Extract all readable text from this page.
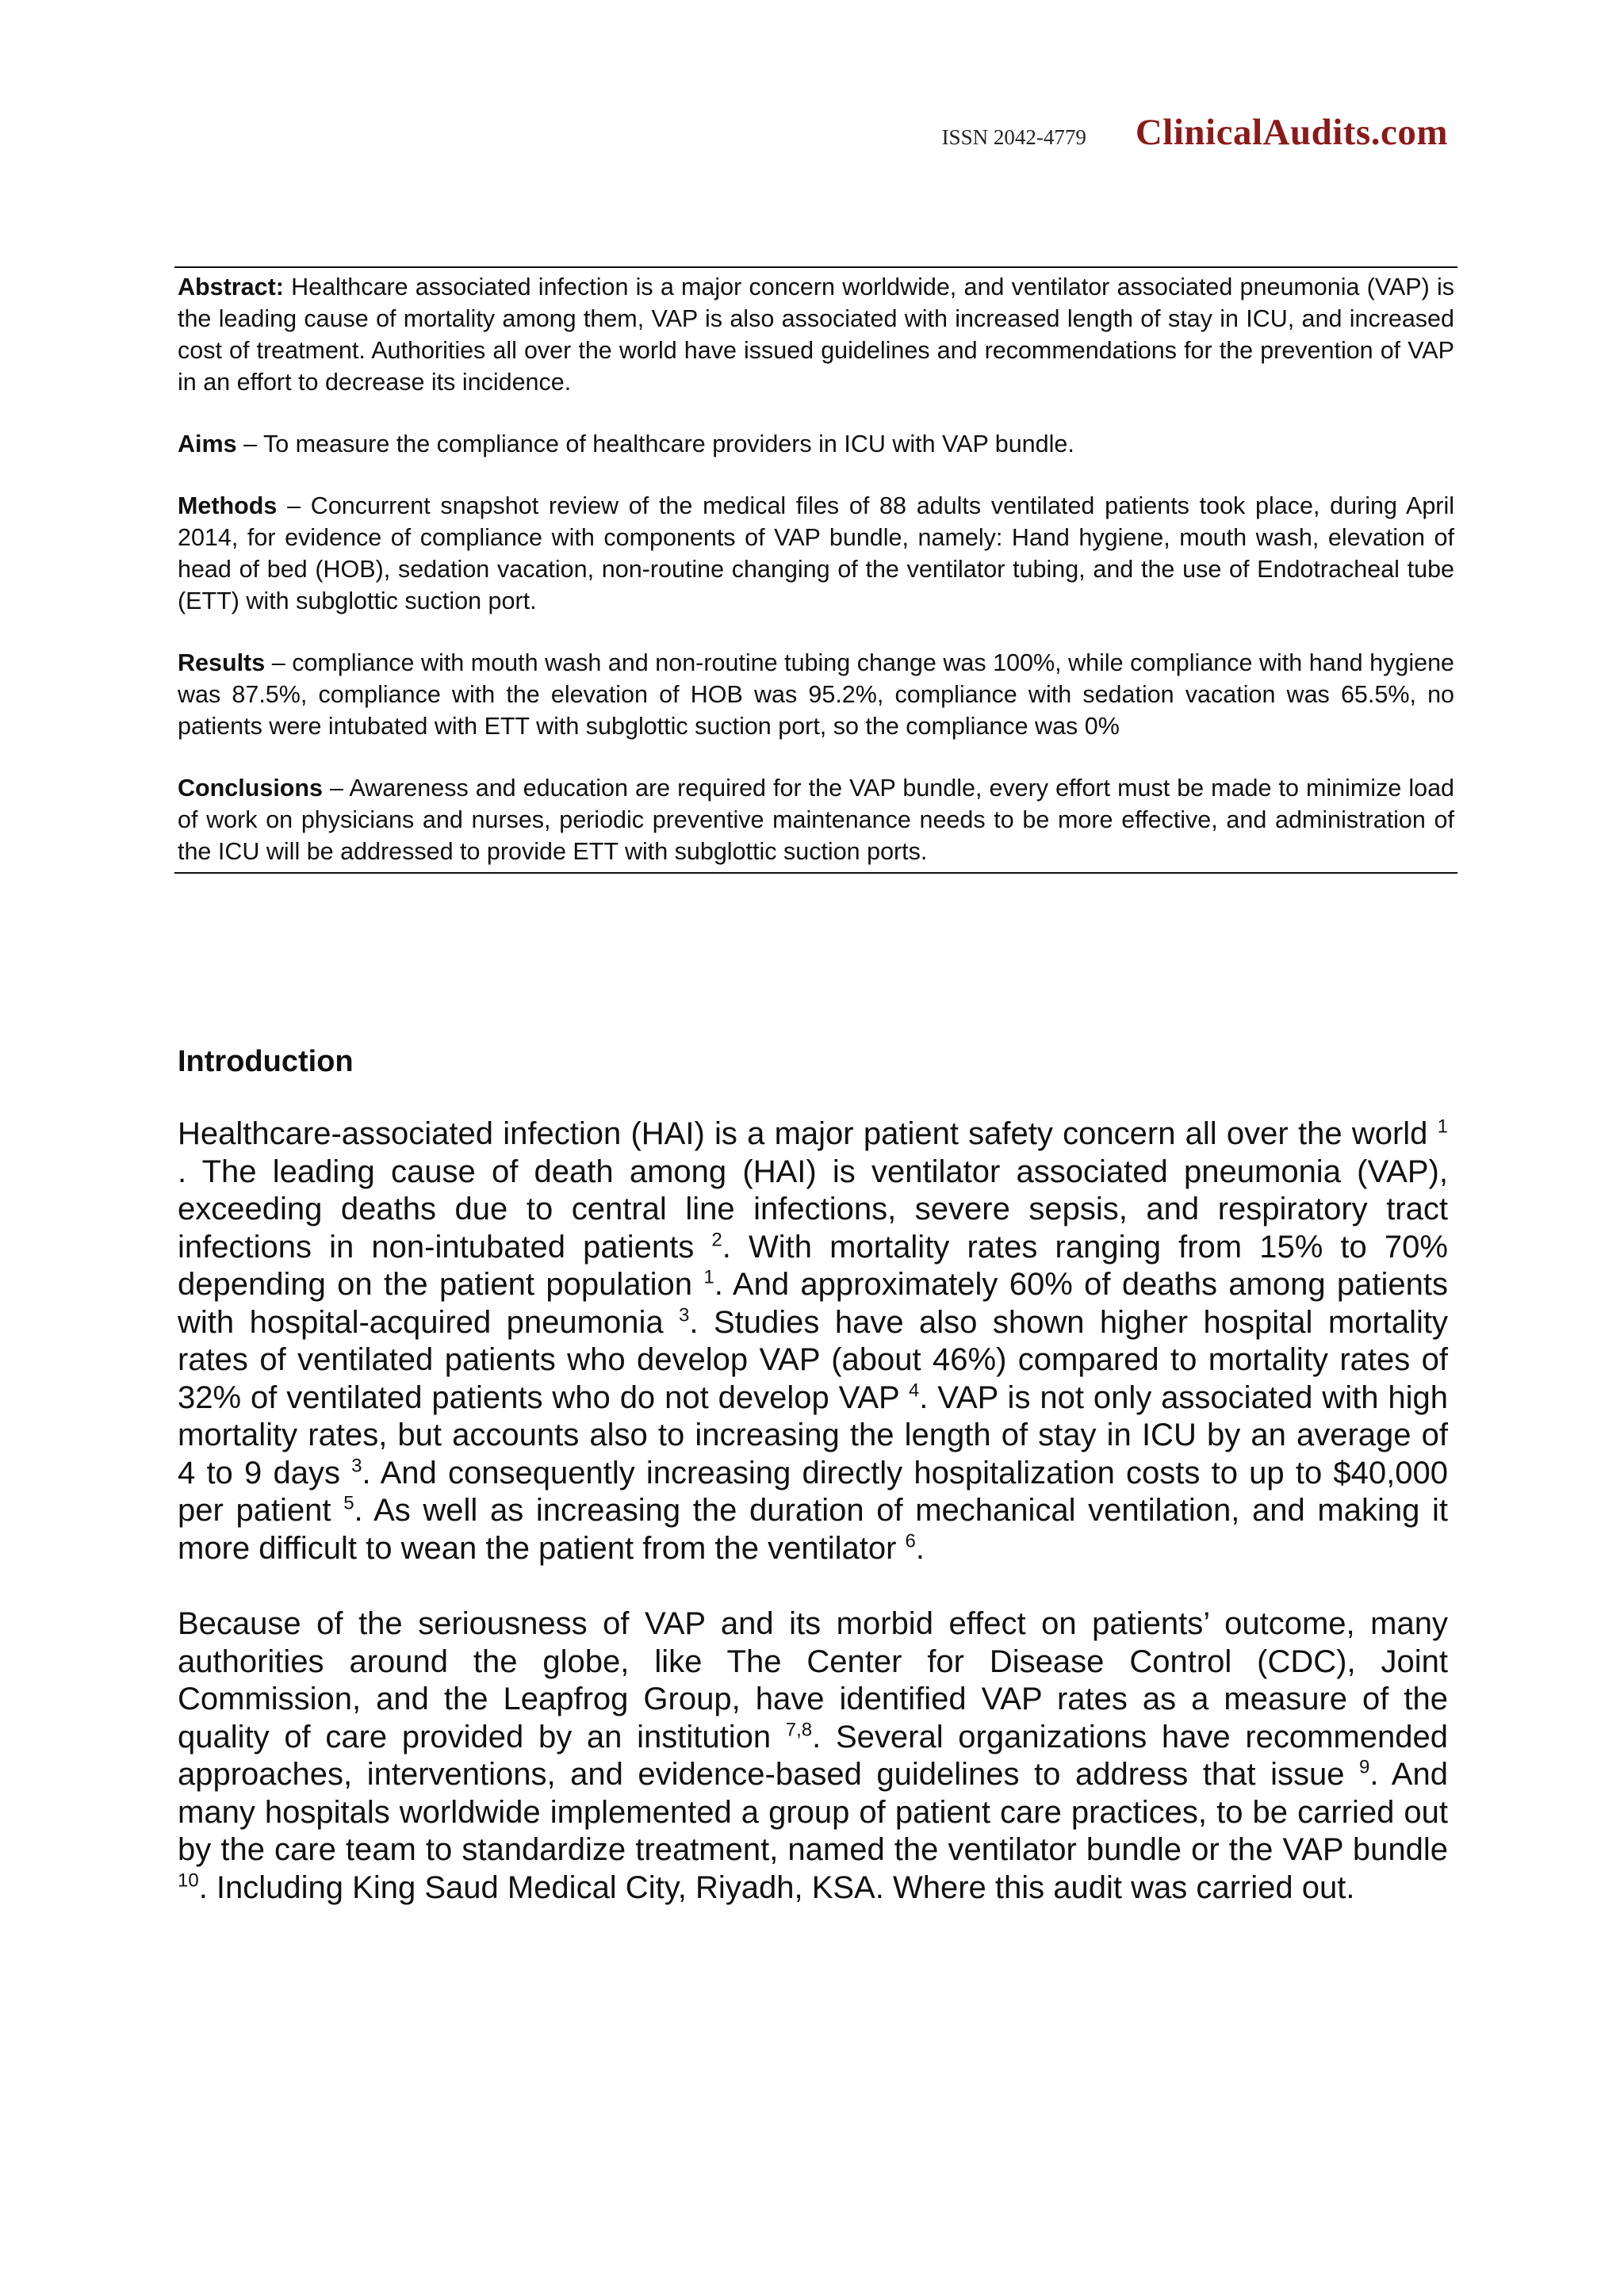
ISSN 2042-4779 ClinicalAudits.com

Abstract: Healthcare associated infection is a major concern worldwide, and ventilator associated pneumonia (VAP) is the leading cause of mortality among them, VAP is also associated with increased length of stay in ICU, and increased cost of treatment. Authorities all over the world have issued guidelines and recommendations for the prevention of VAP in an effort to decrease its incidence.

Aims – To measure the compliance of healthcare providers in ICU with VAP bundle.

Methods – Concurrent snapshot review of the medical files of 88 adults ventilated patients took place, during April 2014, for evidence of compliance with components of VAP bundle, namely: Hand hygiene, mouth wash, elevation of head of bed (HOB), sedation vacation, non-routine changing of the ventilator tubing, and the use of Endotracheal tube (ETT) with subglottic suction port.

Results – compliance with mouth wash and non-routine tubing change was 100%, while compliance with hand hygiene was 87.5%, compliance with the elevation of HOB was 95.2%, compliance with sedation vacation was 65.5%, no patients were intubated with ETT with subglottic suction port, so the compliance was 0%

Conclusions – Awareness and education are required for the VAP bundle, every effort must be made to minimize load of work on physicians and nurses, periodic preventive maintenance needs to be more effective, and administration of the ICU will be addressed to provide ETT with subglottic suction ports.

Introduction

Healthcare-associated infection (HAI) is a major patient safety concern all over the world $^1$ . The leading cause of death among (HAI) is ventilator associated pneumonia (VAP), exceeding deaths due to central line infections, severe sepsis, and respiratory tract infections in non-intubated patients $^2$. With mortality rates ranging from 15% to 70% depending on the patient population $^1$. And approximately 60% of deaths among patients with hospital-acquired pneumonia $^3$. Studies have also shown higher hospital mortality rates of ventilated patients who develop VAP (about 46%) compared to mortality rates of 32% of ventilated patients who do not develop VAP $^4$. VAP is not only associated with high mortality rates, but accounts also to increasing the length of stay in ICU by an average of 4 to 9 days $^3$. And consequently increasing directly hospitalization costs to up to $40,000 per patient $^5$. As well as increasing the duration of mechanical ventilation, and making it more difficult to wean the patient from the ventilator $^6$.

Because of the seriousness of VAP and its morbid effect on patients’ outcome, many authorities around the globe, like The Center for Disease Control (CDC), Joint Commission, and the Leapfrog Group, have identified VAP rates as a measure of the quality of care provided by an institution $^{7,8}$. Several organizations have recommended approaches, interventions, and evidence-based guidelines to address that issue $^9$. And many hospitals worldwide implemented a group of patient care practices, to be carried out by the care team to standardize treatment, named the ventilator bundle or the VAP bundle $^{10}$. Including King Saud Medical City, Riyadh, KSA. Where this audit was carried out.
